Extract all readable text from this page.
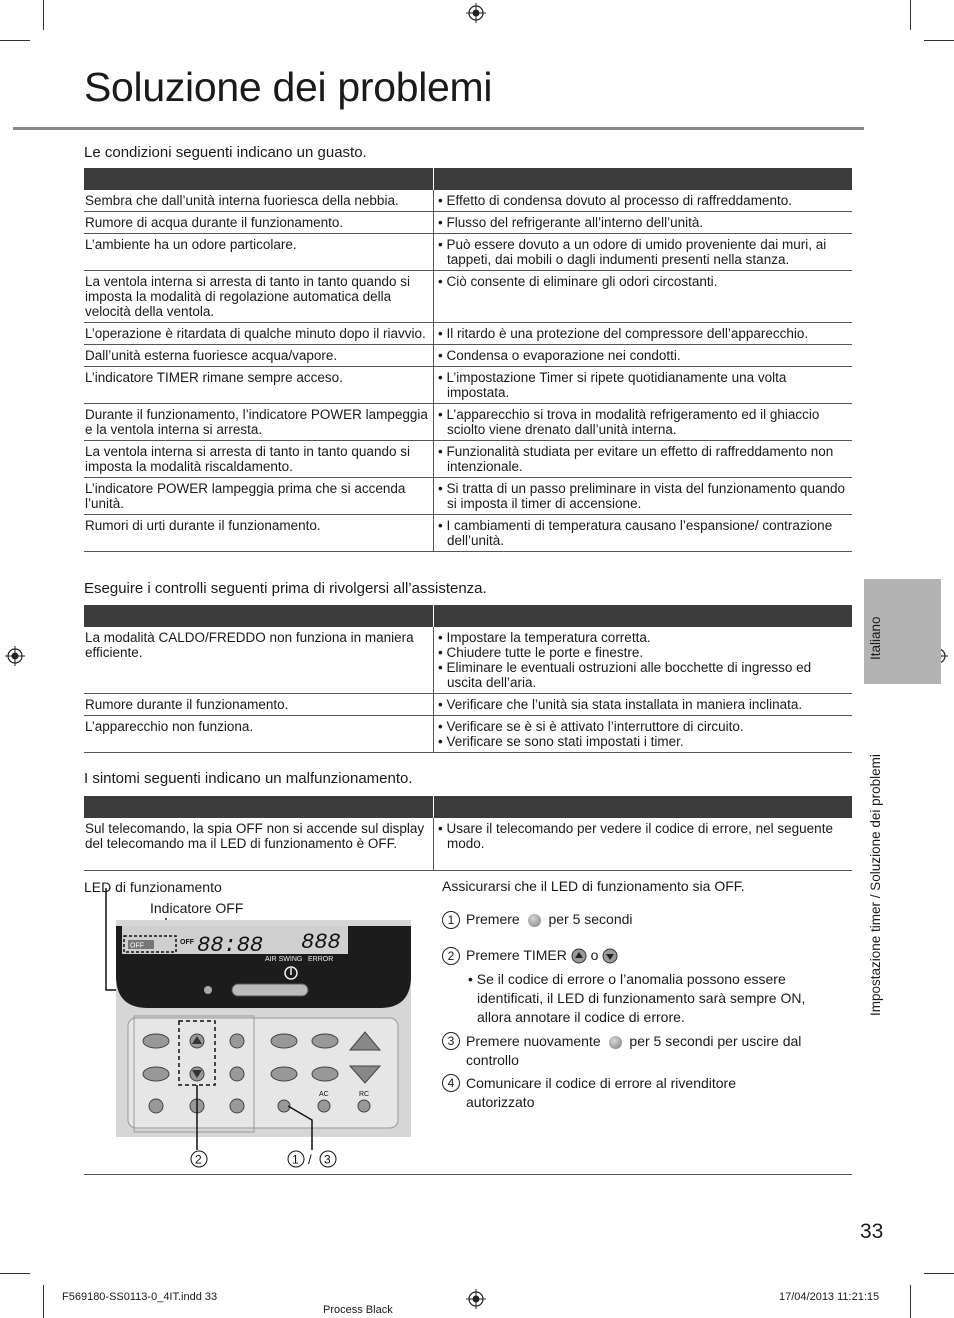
Soluzione dei problemi
Le condizioni seguenti indicano un guasto.

Sembra che dall’unità interna fuoriesca della nebbia.	• Effetto di condensa dovuto al processo di raffreddamento.

Rumore di acqua durante il funzionamento.	• Flusso del refrigerante all’interno dell’unità.

L’ambiente ha un odore particolare.	• Può essere dovuto a un odore di umido proveniente dai muri, ai tappeti, dai mobili o dagli indumenti presenti nella stanza.

La ventola interna si arresta di tanto in tanto quando si imposta la modalità di regolazione automatica della velocità della ventola.	• Ciò consente di eliminare gli odori circostanti.

L’operazione è ritardata di qualche minuto dopo il riavvio.	• Il ritardo è una protezione del compressore dell’apparecchio.

Dall’unità esterna fuoriesce acqua/vapore.	• Condensa o evaporazione nei condotti.

L’indicatore TIMER rimane sempre acceso.	• L’impostazione Timer si ripete quotidianamente una volta impostata.

Durante il funzionamento, l’indicatore POWER lampeggia e la ventola interna si arresta.	• L’apparecchio si trova in modalità refrigeramento ed il ghiaccio sciolto viene drenato dall’unità interna.

La ventola interna si arresta di tanto in tanto quando si imposta la modalità riscaldamento.	• Funzionalità studiata per evitare un effetto di raffreddamento non intenzionale.

L’indicatore POWER lampeggia prima che si accenda l’unità.	• Si tratta di un passo preliminare in vista del funzionamento quando si imposta il timer di accensione.

Rumori di urti durante il funzionamento.	• I cambiamenti di temperatura causano l’espansione/ contrazione dell’unità.
Eseguire i controlli seguenti prima di rivolgersi all’assistenza.

La modalità CALDO/FREDDO non funziona in maniera efficiente.	• Impostare la temperatura corretta.
• Chiudere tutte le porte e finestre.
• Eliminare le eventuali ostruzioni alle bocchette di ingresso ed uscita dell’aria.

Rumore durante il funzionamento.	• Verificare che l’unità sia stata installata in maniera inclinata.

L’apparecchio non funziona.	• Verificare se è si è attivato l’interruttore di circuito.
• Verificare se sono stati impostati i timer.
I sintomi seguenti indicano un malfunzionamento.

Sul telecomando, la spia OFF non si accende sul display del telecomando ma il LED di funzionamento è OFF.	• Usare il telecomando per vedere il codice di errore, nel seguente modo.
LED di funzionamento
Indicatore OFF
OFF	OFF 88:88 888
AIR SWING ERROR
AC	RC
2	1 / 3
Assicurarsi che il LED di funzionamento sia OFF.
1 Premere per 5 secondi
2 Premere TIMER o
• Se il codice di errore o l’anomalia possono essere identificati, il LED di funzionamento sarà sempre ON, allora annotare il codice di errore.
3 Premere nuovamente per 5 secondi per uscire dal controllo
4 Comunicare il codice di errore al rivenditore autorizzato
Italiano
Impostazione timer / Soluzione dei problemi
33
F569180-SS0113-0_4IT.indd 33
Process Black
17/04/2013 11:21:15
